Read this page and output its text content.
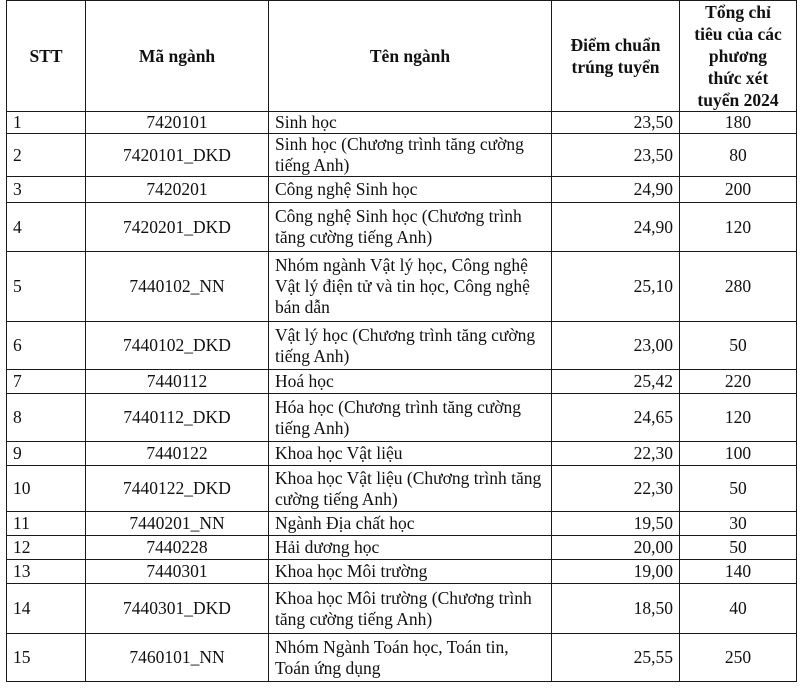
STT	Mã ngành	Tên ngành	Điểm chuẩn trúng tuyển	Tổng chỉ tiêu của các phương thức xét tuyển 2024
1	7420101	Sinh học	23,50	180
2	7420101_DKD	Sinh học (Chương trình tăng cường tiếng Anh)	23,50	80
3	7420201	Công nghệ Sinh học	24,90	200
4	7420201_DKD	Công nghệ Sinh học (Chương trình tăng cường tiếng Anh)	24,90	120
5	7440102_NN	Nhóm ngành Vật lý học, Công nghệ Vật lý điện tử và tin học, Công nghệ bán dẫn	25,10	280
6	7440102_DKD	Vật lý học (Chương trình tăng cường tiếng Anh)	23,00	50
7	7440112	Hoá học	25,42	220
8	7440112_DKD	Hóa học (Chương trình tăng cường tiếng Anh)	24,65	120
9	7440122	Khoa học Vật liệu	22,30	100
10	7440122_DKD	Khoa học Vật liệu (Chương trình tăng cường tiếng Anh)	22,30	50
11	7440201_NN	Ngành Địa chất học	19,50	30
12	7440228	Hải dương học	20,00	50
13	7440301	Khoa học Môi trường	19,00	140
14	7440301_DKD	Khoa học Môi trường (Chương trình tăng cường tiếng Anh)	18,50	40
15	7460101_NN	Nhóm Ngành Toán học, Toán tin, Toán ứng dụng	25,55	250
